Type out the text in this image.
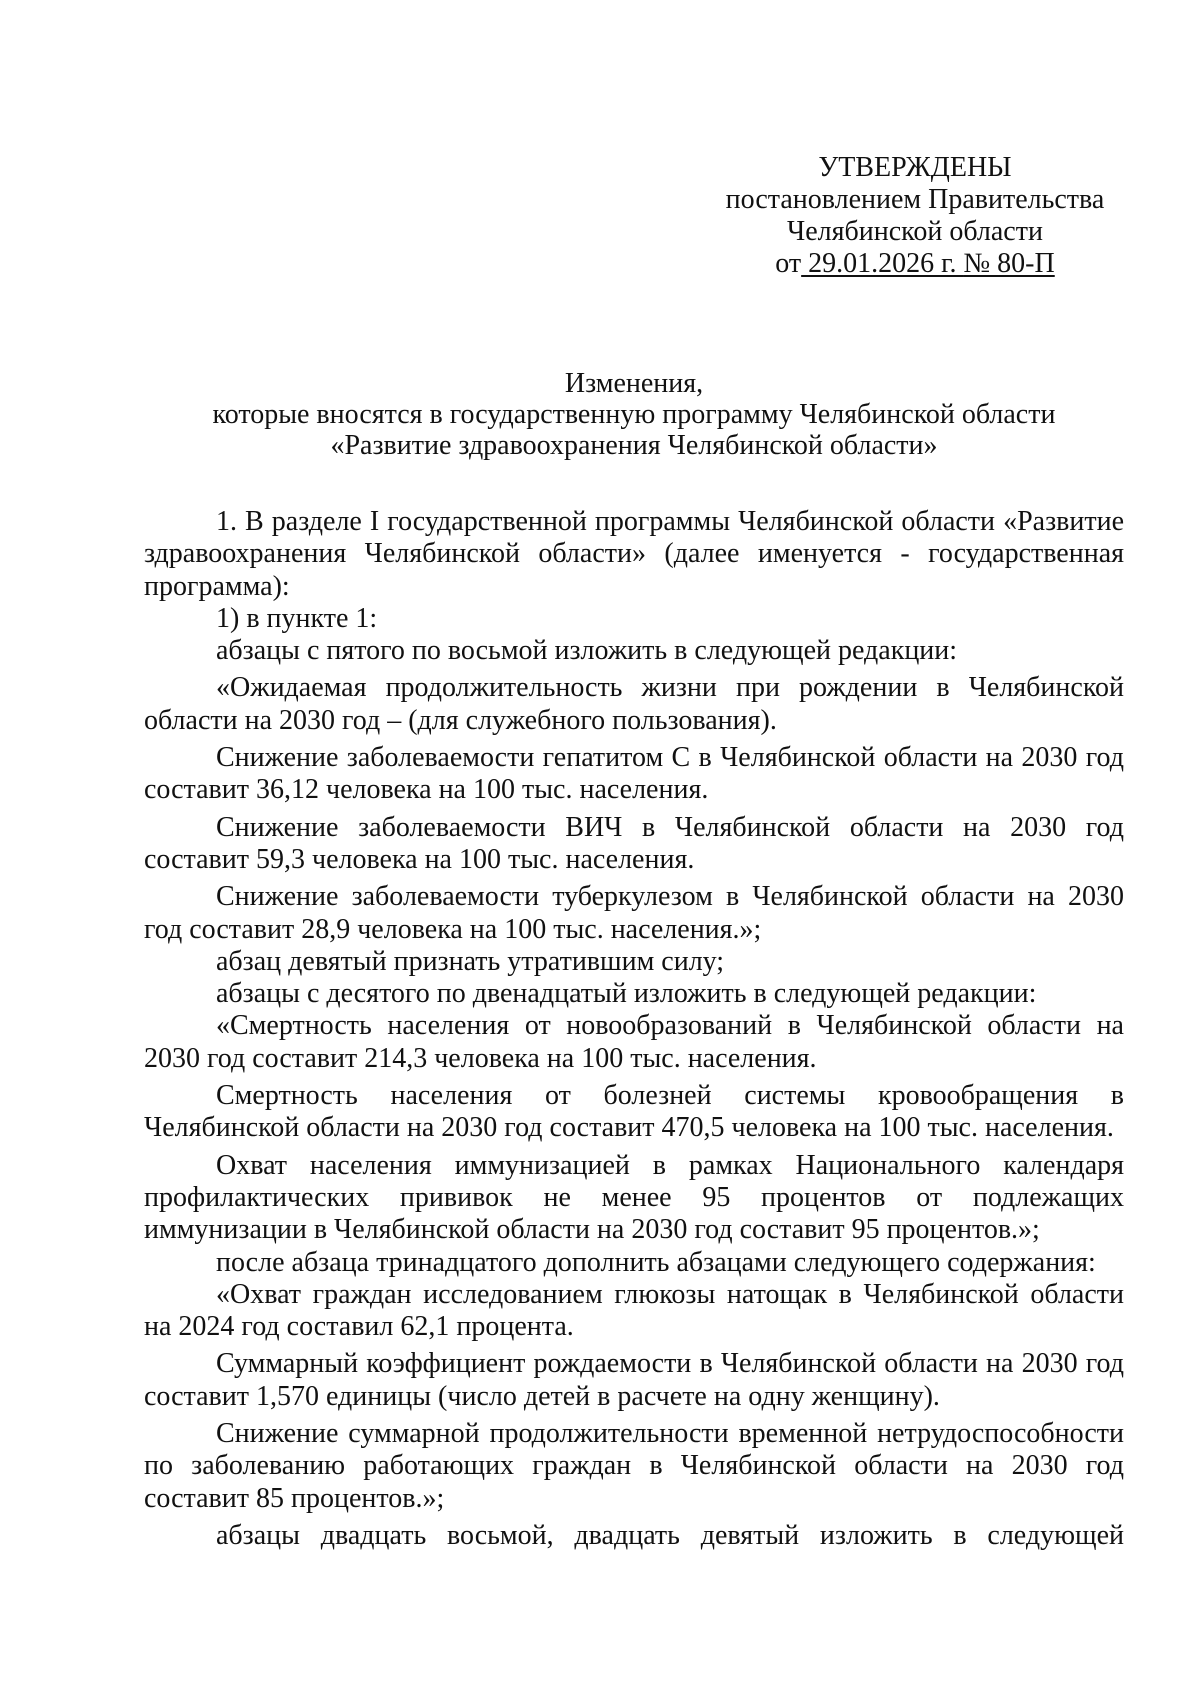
УТВЕРЖДЕНЫ
постановлением Правительства
Челябинской области
от 29.01.2026 г. № 80-П
Изменения,
которые вносятся в государственную программу Челябинской области
«Развитие здравоохранения Челябинской области»

1. В разделе I государственной программы Челябинской области «Развитие здравоохранения Челябинской области» (далее именуется - государственная программа):

1) в пункте 1:

абзацы с пятого по восьмой изложить в следующей редакции:

«Ожидаемая продолжительность жизни при рождении в Челябинской области на 2030 год – (для служебного пользования).

Снижение заболеваемости гепатитом С в Челябинской области на 2030 год составит 36,12 человека на 100 тыс. населения.

Снижение заболеваемости ВИЧ в Челябинской области на 2030 год составит 59,3 человека на 100 тыс. населения.

Снижение заболеваемости туберкулезом в Челябинской области на 2030 год составит 28,9 человека на 100 тыс. населения.»;

абзац девятый признать утратившим силу;

абзацы с десятого по двенадцатый изложить в следующей редакции:

«Смертность населения от новообразований в Челябинской области на 2030 год составит 214,3 человека на 100 тыс. населения.

Смертность населения от болезней системы кровообращения в Челябинской области на 2030 год составит 470,5 человека на 100 тыс. населения.

Охват населения иммунизацией в рамках Национального календаря профилактических прививок не менее 95 процентов от подлежащих иммунизации в Челябинской области на 2030 год составит 95 процентов.»;

после абзаца тринадцатого дополнить абзацами следующего содержания:

«Охват граждан исследованием глюкозы натощак в Челябинской области на 2024 год составил 62,1 процента.

Суммарный коэффициент рождаемости в Челябинской области на 2030 год составит 1,570 единицы (число детей в расчете на одну женщину).

Снижение суммарной продолжительности временной нетрудоспособности по заболеванию работающих граждан в Челябинской области на 2030 год составит 85 процентов.»;

абзацы двадцать восьмой, двадцать девятый изложить в следующей
